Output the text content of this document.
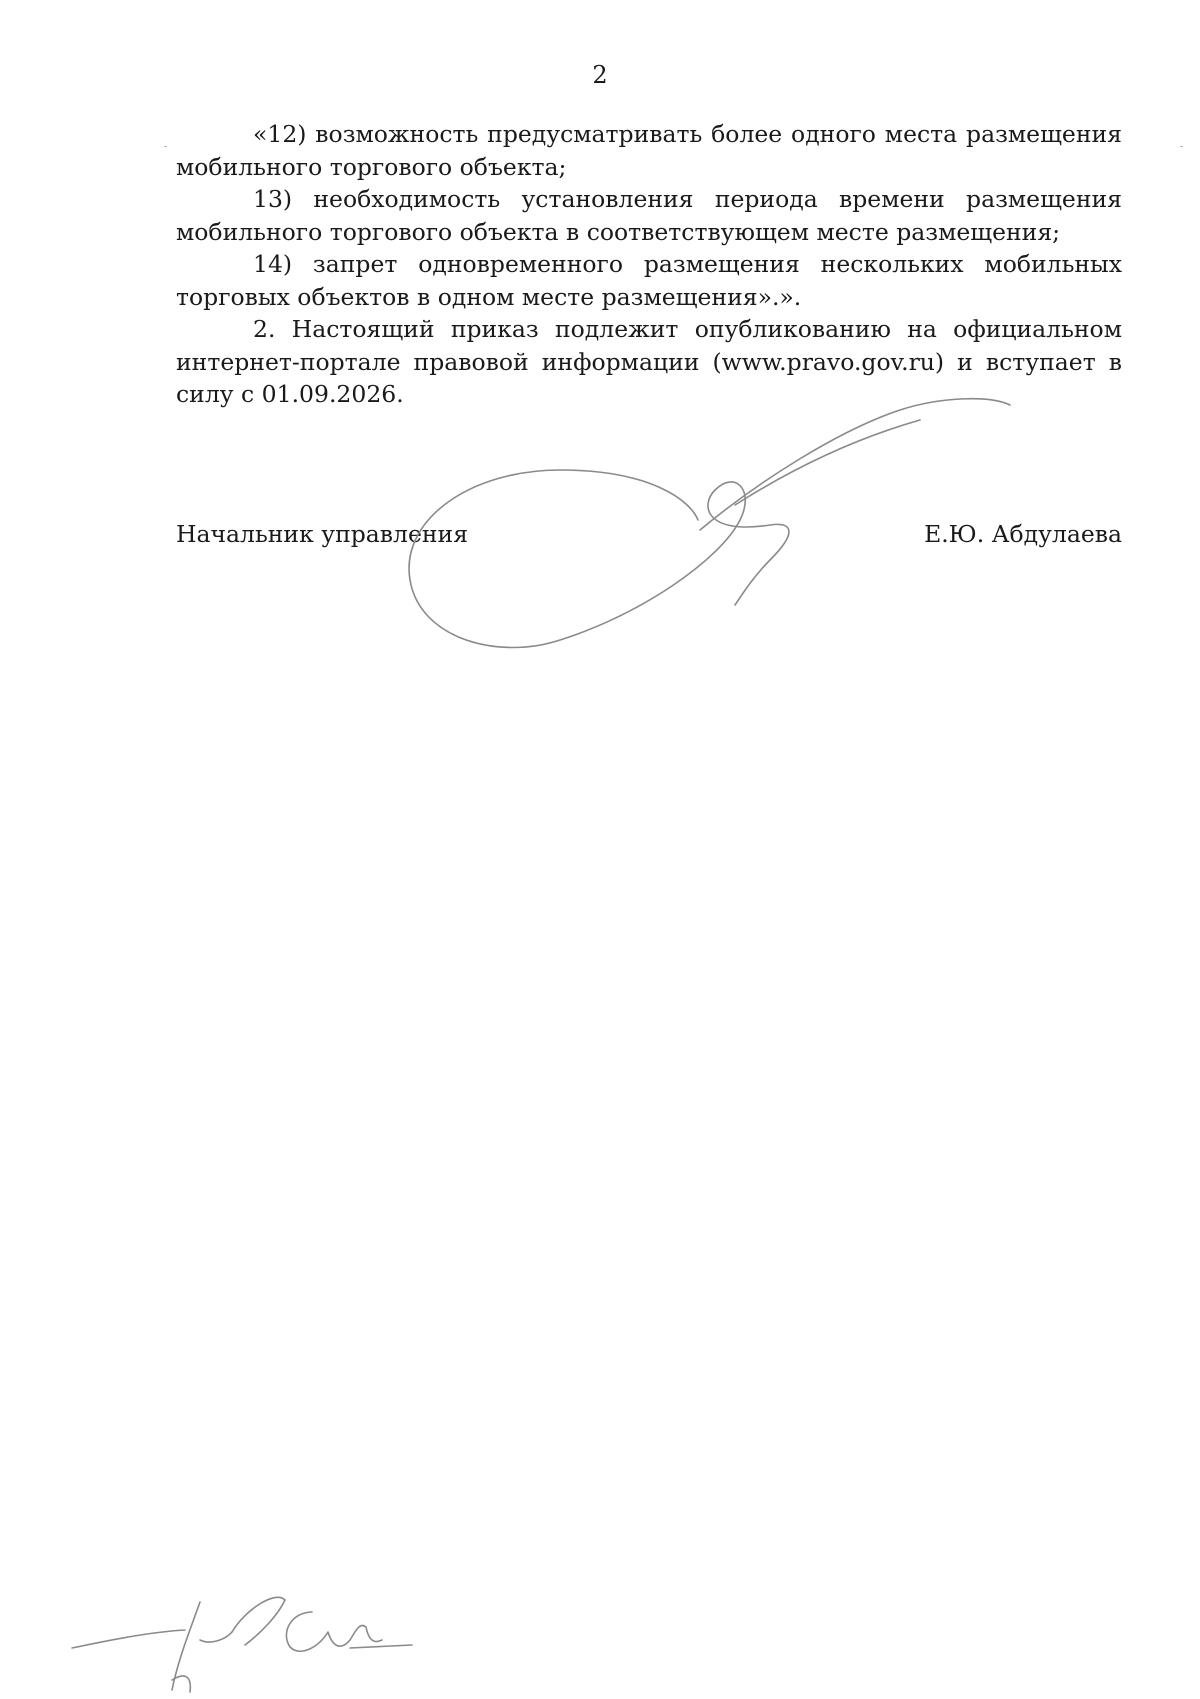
2

«12) возможность предусматривать более одного места размещения мобильного торгового объекта;

13) необходимость установления периода времени размещения мобильного торгового объекта в соответствующем месте размещения;

14) запрет одновременного размещения нескольких мобильных торговых объектов в одном месте размещения».».

2. Настоящий приказ подлежит опубликованию на официальном интернет-портале правовой информации (www.pravo.gov.ru) и вступает в силу с 01.09.2026.

Начальник управления	Е.Ю. Абдулаева
